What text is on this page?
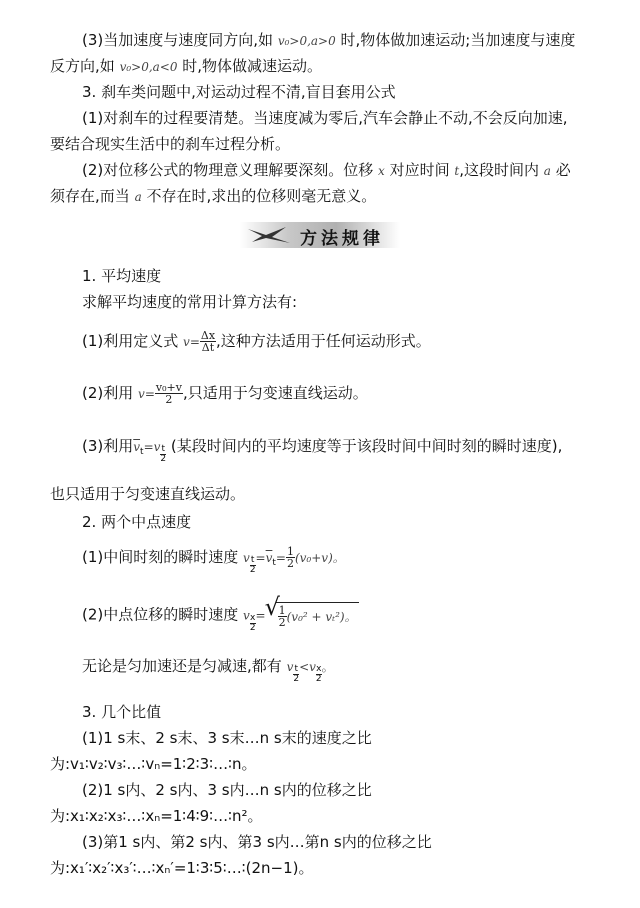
(3)当加速度与速度同方向,如 v₀>0,a>0 时,物体做加速运动;当加速度与速度
反方向,如 v₀>0,a<0 时,物体做减速运动。
3. 刹车类问题中,对运动过程不清,盲目套用公式
(1)对刹车的过程要清楚。当速度减为零后,汽车会静止不动,不会反向加速,
要结合现实生活中的刹车过程分析。
(2)对位移公式的物理意义理解要深刻。位移 x 对应时间 t,这段时间内 a 必
须存在,而当 a 不存在时,求出的位移则毫无意义。
方法规律
1. 平均速度
求解平均速度的常用计算方法有:
(1)利用定义式 $v= \frac{\Delta x}{\Delta t}$ ,这种方法适用于任何运动形式。
(2)利用 $v= \frac{\text{v₀+v}}{2}$ ,只适用于匀变速直线运动。
(3)利用$\overline{v}_t=v \frac{t}{2}$ (某段时间内的平均速度等于该段时间中间时刻的瞬时速度),
也只适用于匀变速直线运动。
2. 两个中点速度
(1)中间时刻的瞬时速度 v $\frac{t}{2} =\overline{v}_t= \frac{1}{2} (v_0+v)$。
(2)中点位移的瞬时速度 v $\frac{x}{2}$ = √ $\frac{1}{2} (v_0^2 + v_t^2)$。
无论是匀加速还是匀减速,都有 v $\frac{t}{2} <v \frac{x}{2}$ 。
3. 几个比值
(1)1 s末、2 s末、3 s末…n s末的速度之比
为:v₁∶v₂∶v₃∶…∶vₙ=1∶2∶3∶…∶n。
(2)1 s内、2 s内、3 s内…n s内的位移之比
为:x₁∶x₂∶x₃∶…∶xₙ=1∶4∶9∶…∶n²。
(3)第1 s内、第2 s内、第3 s内…第n s内的位移之比
为:x₁′∶x₂′∶x₃′∶…∶xₙ′=1∶3∶5∶…∶(2n−1)。
